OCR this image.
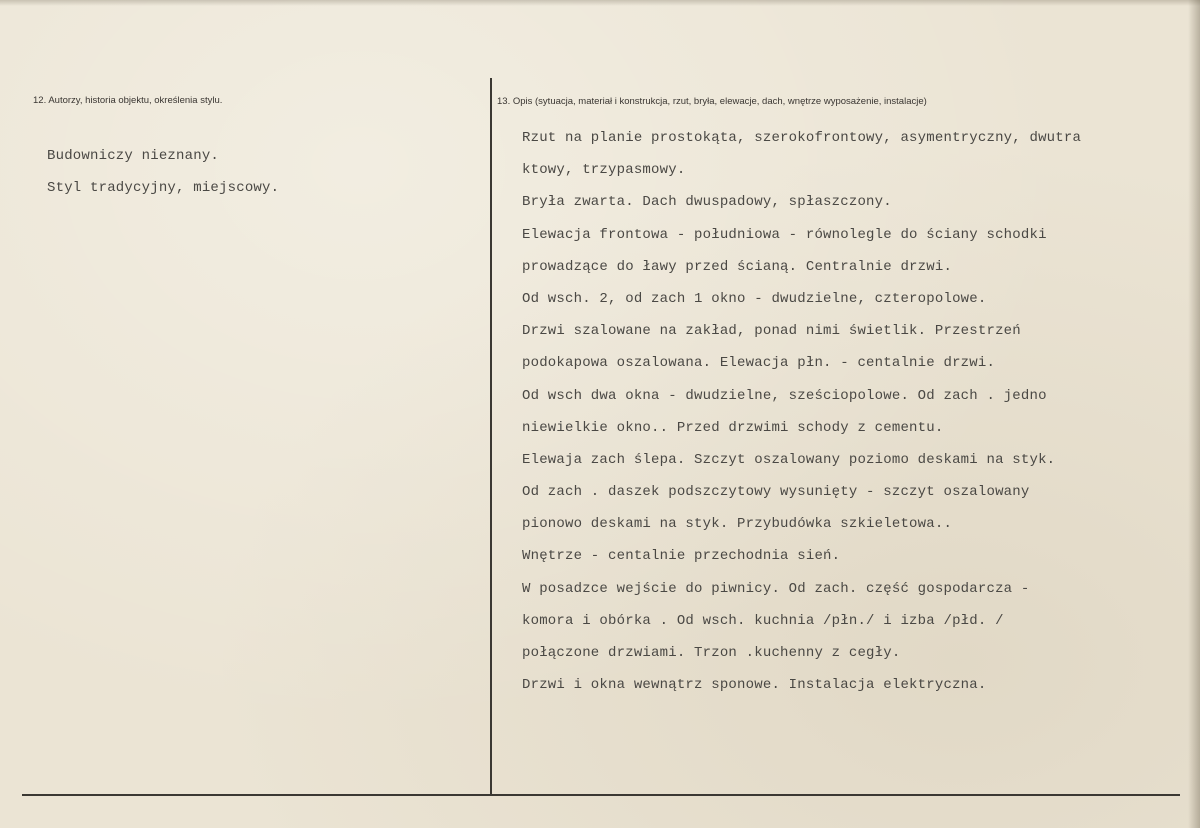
12. Autorzy, historia objektu, określenia stylu.	13. Opis (sytuacja, materiał i konstrukcja, rzut, bryła, elewacje, dach, wnętrze wyposażenie, instalacje)
Budowniczy nieznany.
Styl tradycyjny, miejscowy.
Rzut na planie prostokąta, szerokofrontowy, asymentryczny, dwutra
ktowy, trzypasmowy.
Bryła zwarta. Dach dwuspadowy, spłaszczony.
Elewacja frontowa - południowa - równolegle do ściany schodki
prowadzące do ławy przed ścianą. Centralnie drzwi.
Od wsch. 2, od zach 1 okno - dwudzielne, czteropolowe.
Drzwi szalowane na zakład, ponad nimi świetlik. Przestrzeń
podokapowa oszalowana. Elewacja płn. - centalnie drzwi.
Od wsch dwa okna - dwudzielne, sześciopolowe. Od zach . jedno
niewielkie okno.. Przed drzwimi schody z cementu.
Elewaja zach ślepa. Szczyt oszalowany poziomo deskami na styk.
Od zach . daszek podszczytowy wysunięty - szczyt oszalowany
pionowo deskami na styk. Przybudówka szkieletowa..
Wnętrze - centalnie przechodnia sień.
W posadzce wejście do piwnicy. Od zach. część gospodarcza -
komora i obórka . Od wsch. kuchnia /płn./ i izba /płd. /
połączone drzwiami. Trzon .kuchenny z cegły.
Drzwi i okna wewnątrz sponowe. Instalacja elektryczna.
